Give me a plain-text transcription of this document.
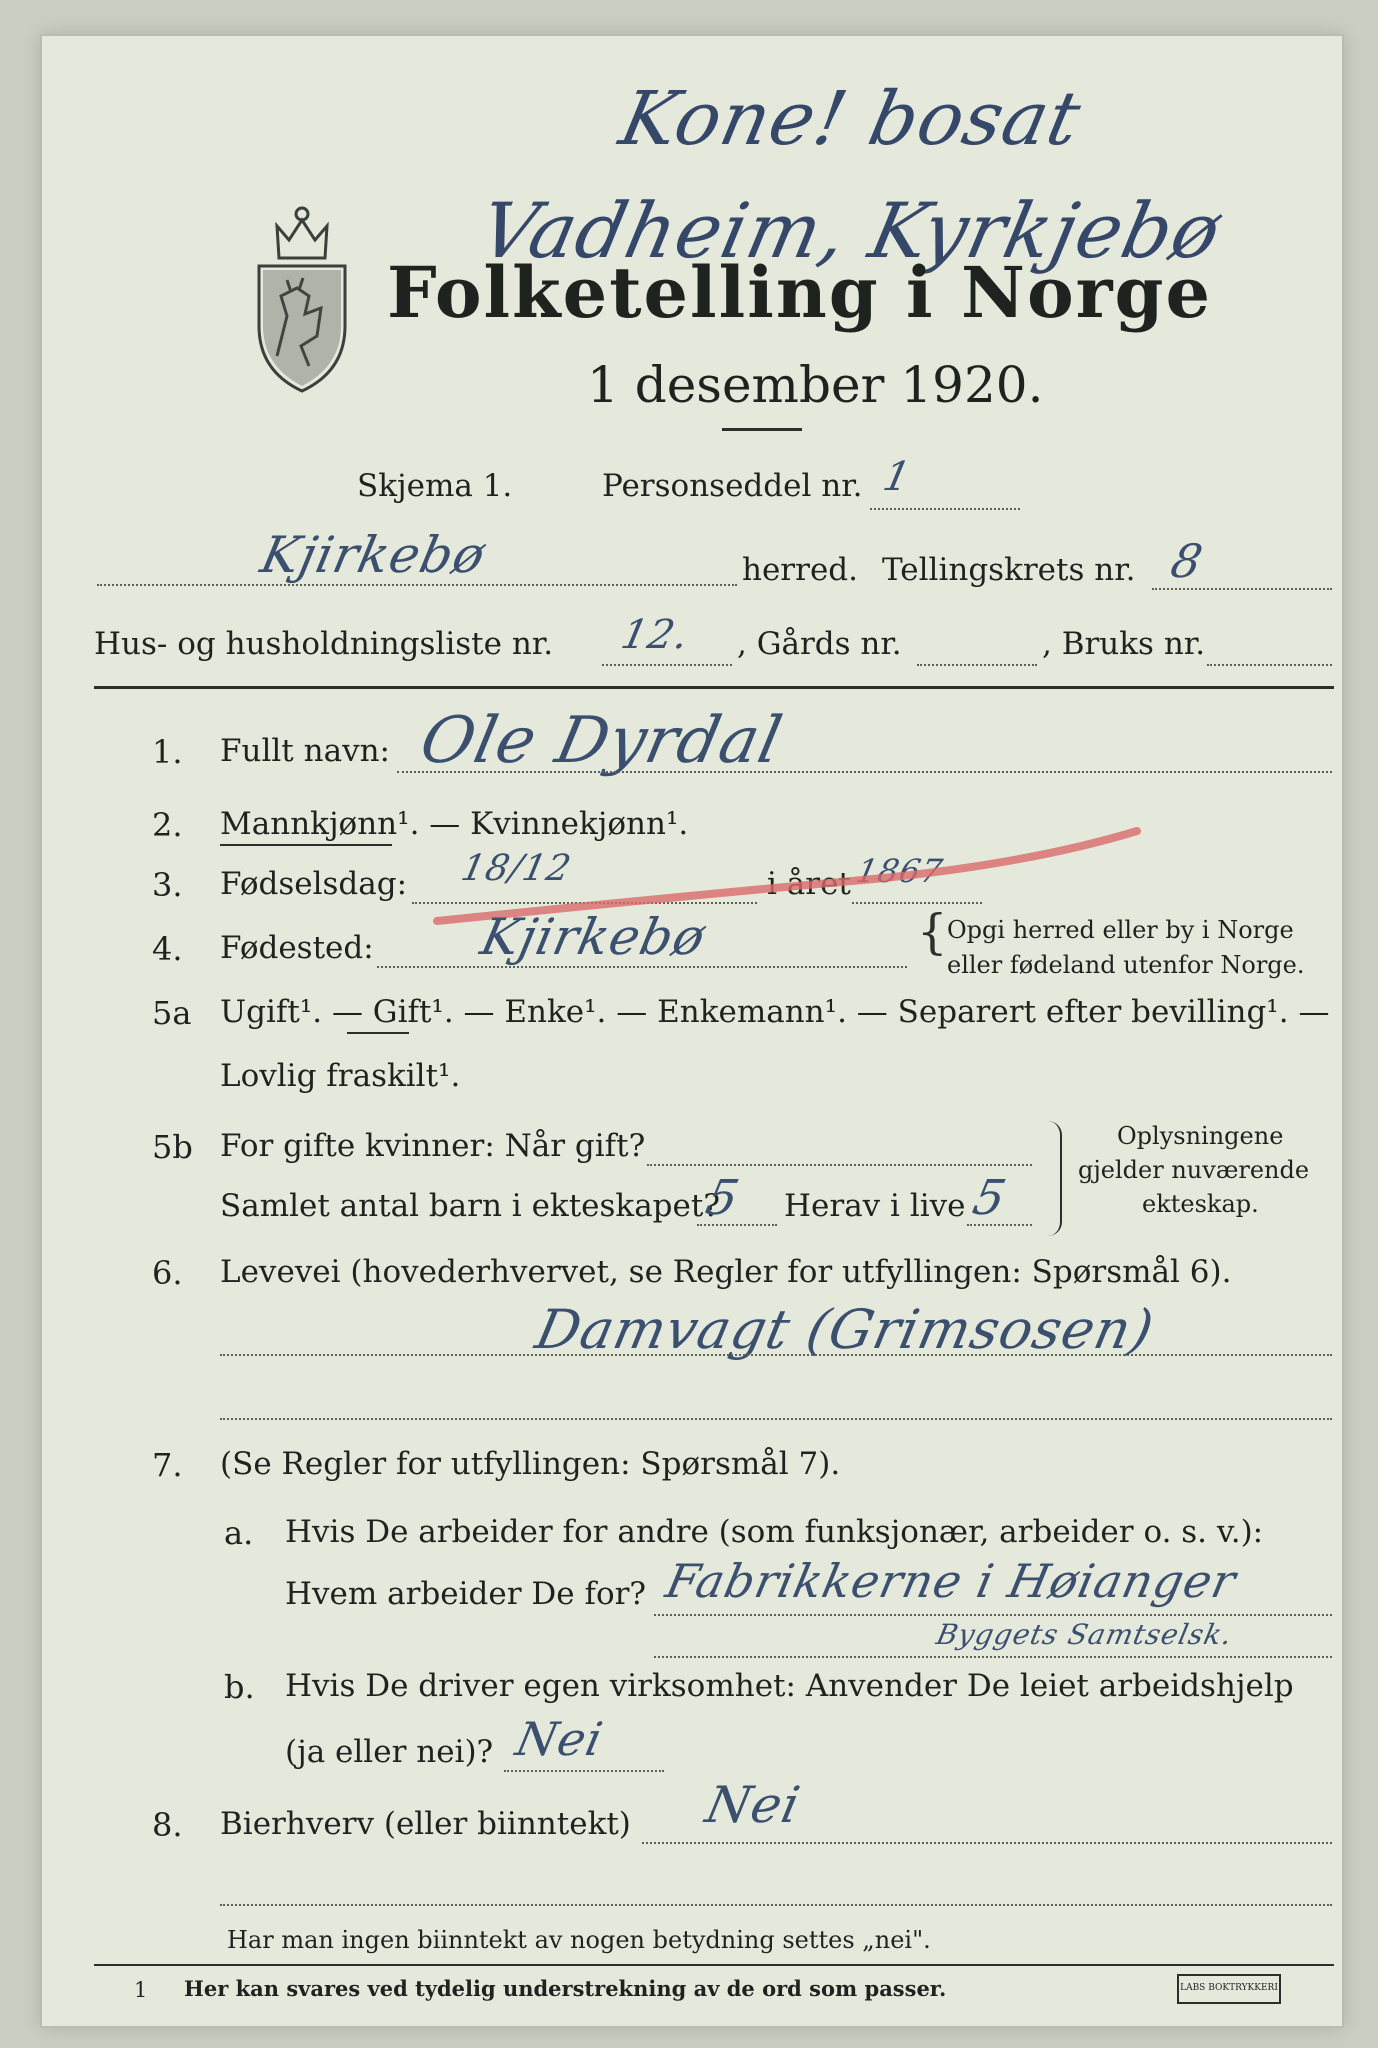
Kone! bosat
Vadheim, Kyrkjebø
Folketelling i Norge
1 desember 1920.
Skjema 1.	Personseddel nr. 1
Kjirkebø	herred. Tellingskrets nr. 8
Hus- og husholdningsliste nr. 12. , Gårds nr.	, Bruks nr.
1. Fullt navn: Ole Dyrdal
2. Mannkjønn¹. — Kvinnekjønn¹.
3. Fødselsdag: 18/12	i året 1867
4. Fødested: Kjirkebø	{ Opgi herred eller by i Norge
eller fødeland utenfor Norge.
5a Ugift¹. — Gift¹. — Enke¹. — Enkemann¹. — Separert efter bevilling¹. —
Lovlig fraskilt¹.
5b For gifte kvinner: Når gift?
Samlet antal barn i ekteskapet?
5 Herav i live 5
Oplysningene
gjelder nuværende
ekteskap.
6. Levevei (hovederhvervet, se Regler for utfyllingen: Spørsmål 6).
Damvagt (Grimsosen)
7. (Se Regler for utfyllingen: Spørsmål 7).
a. Hvis De arbeider for andre (som funksjonær, arbeider o. s. v.):
Hvem arbeider De for? Fabrikkerne i Høianger
Byggets Samtselsk.
b. Hvis De driver egen virksomhet: Anvender De leiet arbeidshjelp
(ja eller nei)? Nei
8. Bierhverv (eller biinntekt) Nei
Har man ingen biinntekt av nogen betydning settes „nei".
1 Her kan svares ved tydelig understrekning av de ord som passer.	LABS BOKTRYKKERI
